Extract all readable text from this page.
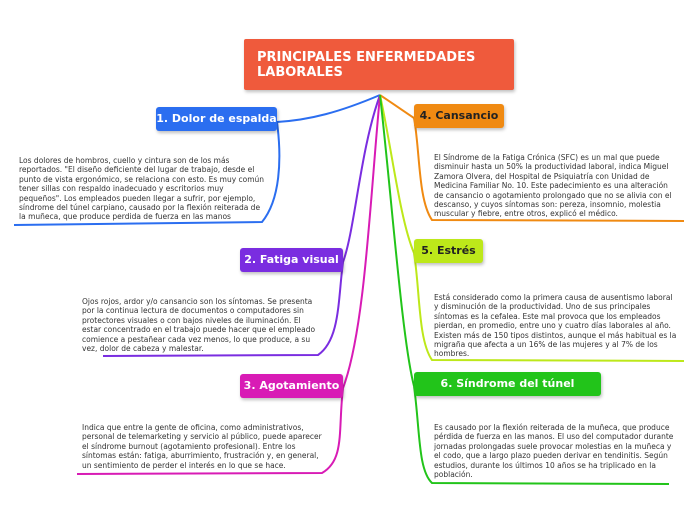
PRINCIPALES ENFERMEDADES LABORALES
1. Dolor de espalda
Los dolores de hombros, cuello y cintura son de los más reportados. "El diseño deficiente del lugar de trabajo, desde el punto de vista ergonómico, se relaciona con esto. Es muy común tener sillas con respaldo inadecuado y escritorios muy pequeños". Los empleados pueden llegar a sufrir, por ejemplo, síndrome del túnel carpiano, causado por la flexión reiterada de la muñeca, que produce perdida de fuerza en las manos
2. Fatiga visual
Ojos rojos, ardor y/o cansancio son los síntomas. Se presenta por la continua lectura de documentos o computadores sin protectores visuales o con bajos niveles de iluminación. El estar concentrado en el trabajo puede hacer que el empleado comience a pestañear cada vez menos, lo que produce, a su vez, dolor de cabeza y malestar.
3. Agotamiento
Indica que entre la gente de oficina, como administrativos, personal de telemarketing y servicio al público, puede aparecer el síndrome burnout (agotamiento profesional). Entre los síntomas están: fatiga, aburrimiento, frustración y, en general, un sentimiento de perder el interés en lo que se hace.
4. Cansancio
El Síndrome de la Fatiga Crónica (SFC) es un mal que puede disminuir hasta un 50% la productividad laboral, indica Miguel Zamora Olvera, del Hospital de Psiquiatría con Unidad de Medicina Familiar No. 10. Este padecimiento es una alteración de cansancio o agotamiento prolongado que no se alivia con el descanso, y cuyos síntomas son: pereza, insomnio, molestia muscular y fiebre, entre otros, explicó el médico.
5. Estrés
Está considerado como la primera causa de ausentismo laboral y disminución de la productividad. Uno de sus principales síntomas es la cefalea. Este mal provoca que los empleados pierdan, en promedio, entre uno y cuatro días laborales al año. Existen más de 150 tipos distintos, aunque el más habitual es la migraña que afecta a un 16% de las mujeres y al 7% de los hombres.
6. Síndrome del túnel carpiano
Es causado por la flexión reiterada de la muñeca, que produce pérdida de fuerza en las manos. El uso del computador durante jornadas prolongadas suele provocar molestias en la muñeca y el codo, que a largo plazo pueden derivar en tendinitis. Según estudios, durante los últimos 10 años se ha triplicado en la población.
